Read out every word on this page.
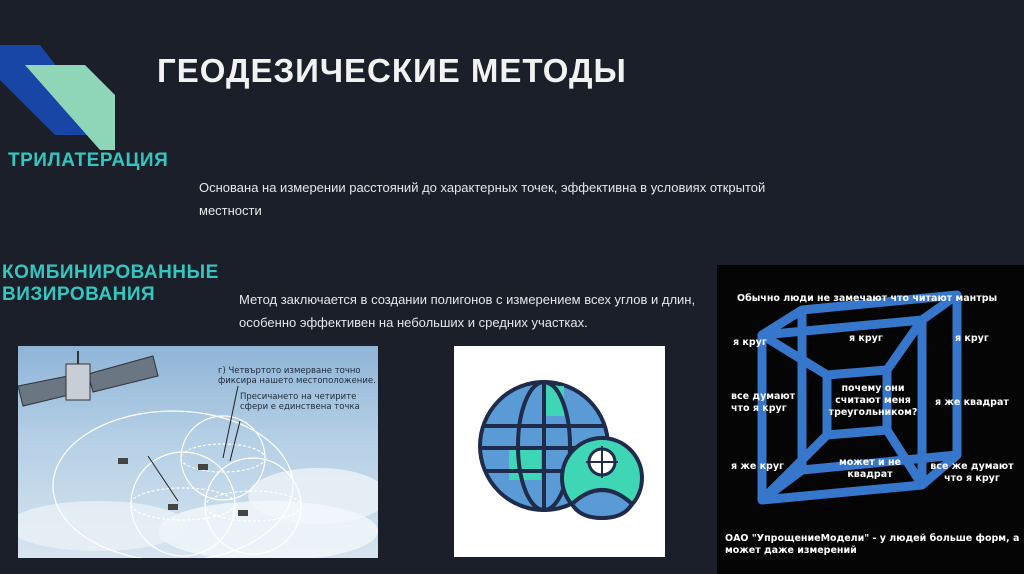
ГЕОДЕЗИЧЕСКИЕ МЕТОДЫ
ТРИЛАТЕРАЦИЯ
Основана на измерении расстояний до характерных точек, эффективна в условиях открытой местности
КОМБИНИРОВАННЫЕ ВИЗИРОВАНИЯ	Метод заключается в создании полигонов с измерением всех углов и длин, особенно эффективен на небольших и средних участках.
г) Четвъртото измерване точно фиксира нашето местоположение.
Пресичането на четирите сфери е единствена точка
Обычно люди не замечают что читают мантры
я круг	я круг	я круг
все думают что я круг
почему они считают меня треугольником?
я же квадрат
я же круг	может и не квадрат
все же думают что я круг
ОАО "УпрощениеМодели" - у людей больше форм, а может даже измерений
